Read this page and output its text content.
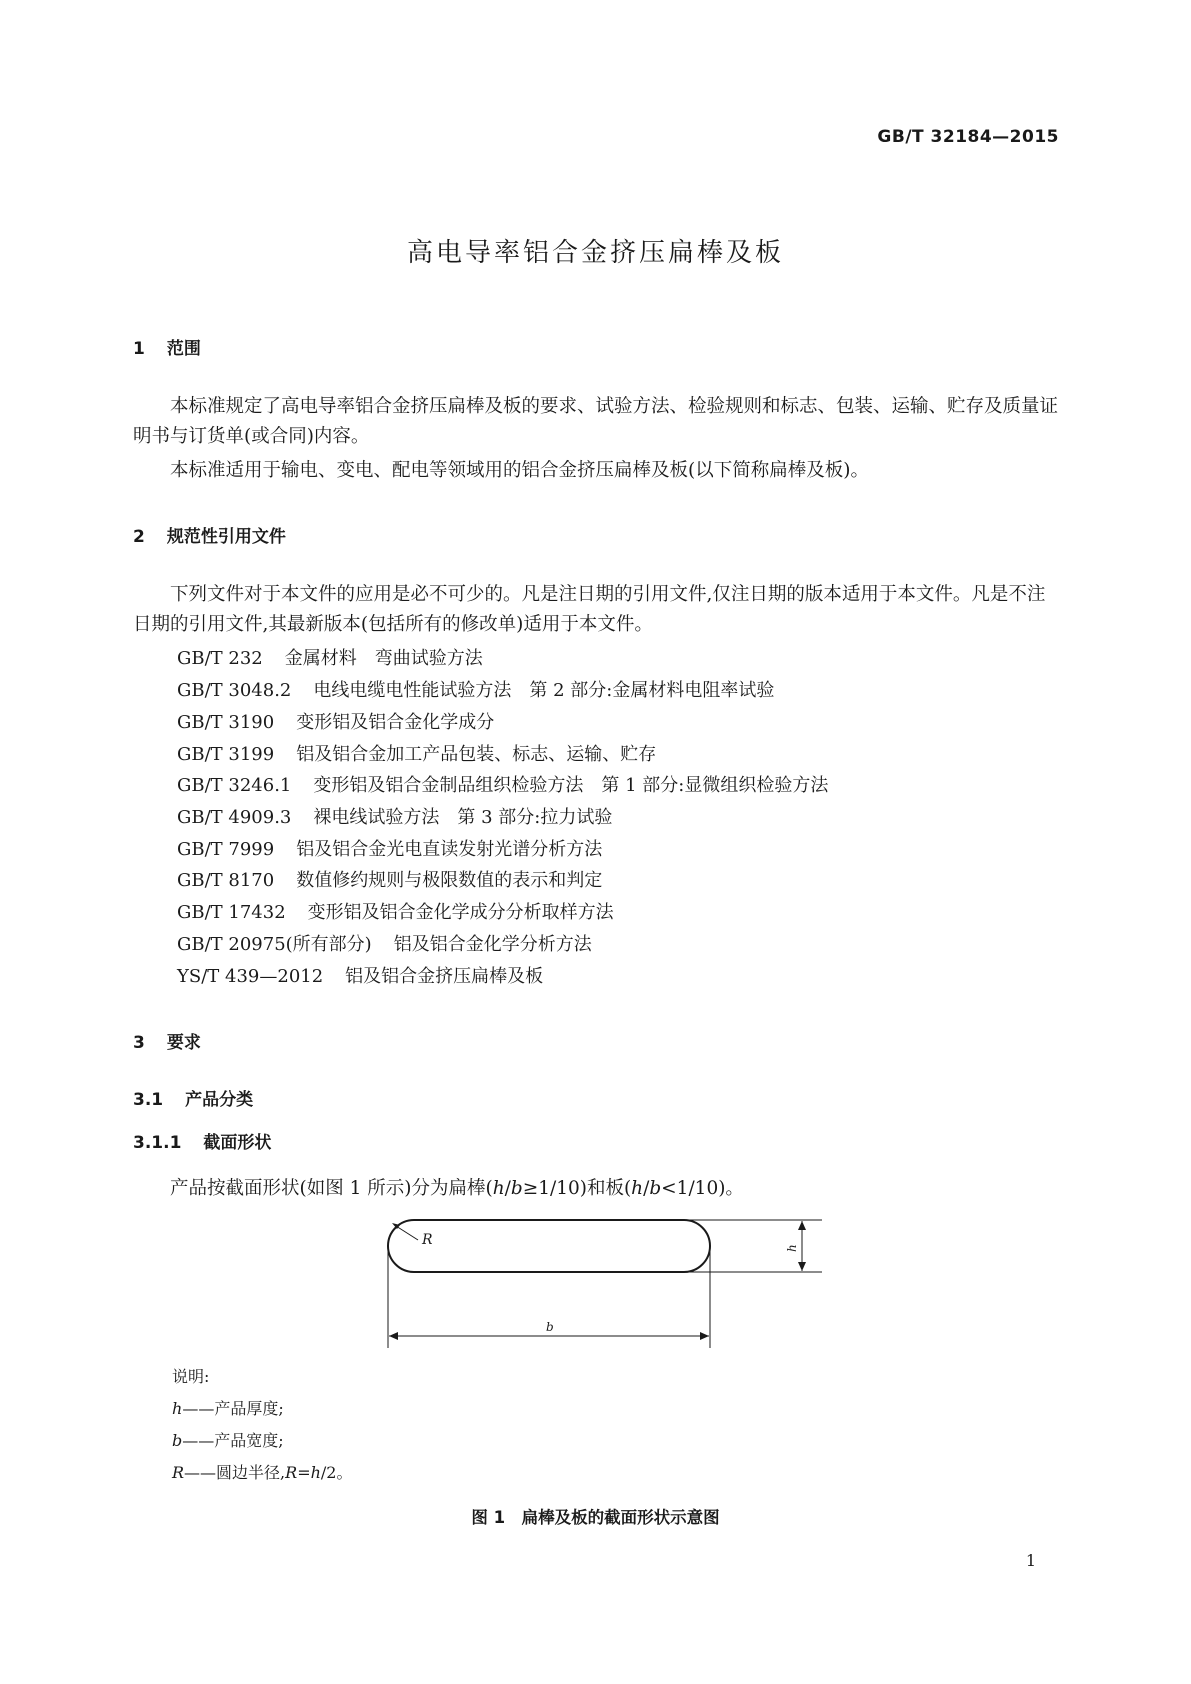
GB/T 32184—2015
高电导率铝合金挤压扁棒及板
1 范围
本标准规定了高电导率铝合金挤压扁棒及板的要求、试验方法、检验规则和标志、包装、运输、贮存及质量证明书与订货单(或合同)内容。
本标准适用于输电、变电、配电等领域用的铝合金挤压扁棒及板(以下简称扁棒及板)。
2 规范性引用文件
下列文件对于本文件的应用是必不可少的。凡是注日期的引用文件,仅注日期的版本适用于本文件。凡是不注日期的引用文件,其最新版本(包括所有的修改单)适用于本文件。
GB/T 232 金属材料　弯曲试验方法
GB/T 3048.2 电线电缆电性能试验方法　第 2 部分:金属材料电阻率试验
GB/T 3190 变形铝及铝合金化学成分
GB/T 3199 铝及铝合金加工产品包装、标志、运输、贮存
GB/T 3246.1 变形铝及铝合金制品组织检验方法　第 1 部分:显微组织检验方法
GB/T 4909.3 裸电线试验方法　第 3 部分:拉力试验
GB/T 7999 铝及铝合金光电直读发射光谱分析方法
GB/T 8170 数值修约规则与极限数值的表示和判定
GB/T 17432 变形铝及铝合金化学成分分析取样方法
GB/T 20975(所有部分) 铝及铝合金化学分析方法
YS/T 439—2012 铝及铝合金挤压扁棒及板
3 要求
3.1 产品分类
3.1.1 截面形状
产品按截面形状(如图 1 所示)分为扁棒(h/b≥1/10)和板(h/b<1/10)。
R
h
b
说明:
h——产品厚度;
b——产品宽度;
R——圆边半径,R=h/2。
图 1　扁棒及板的截面形状示意图
1
